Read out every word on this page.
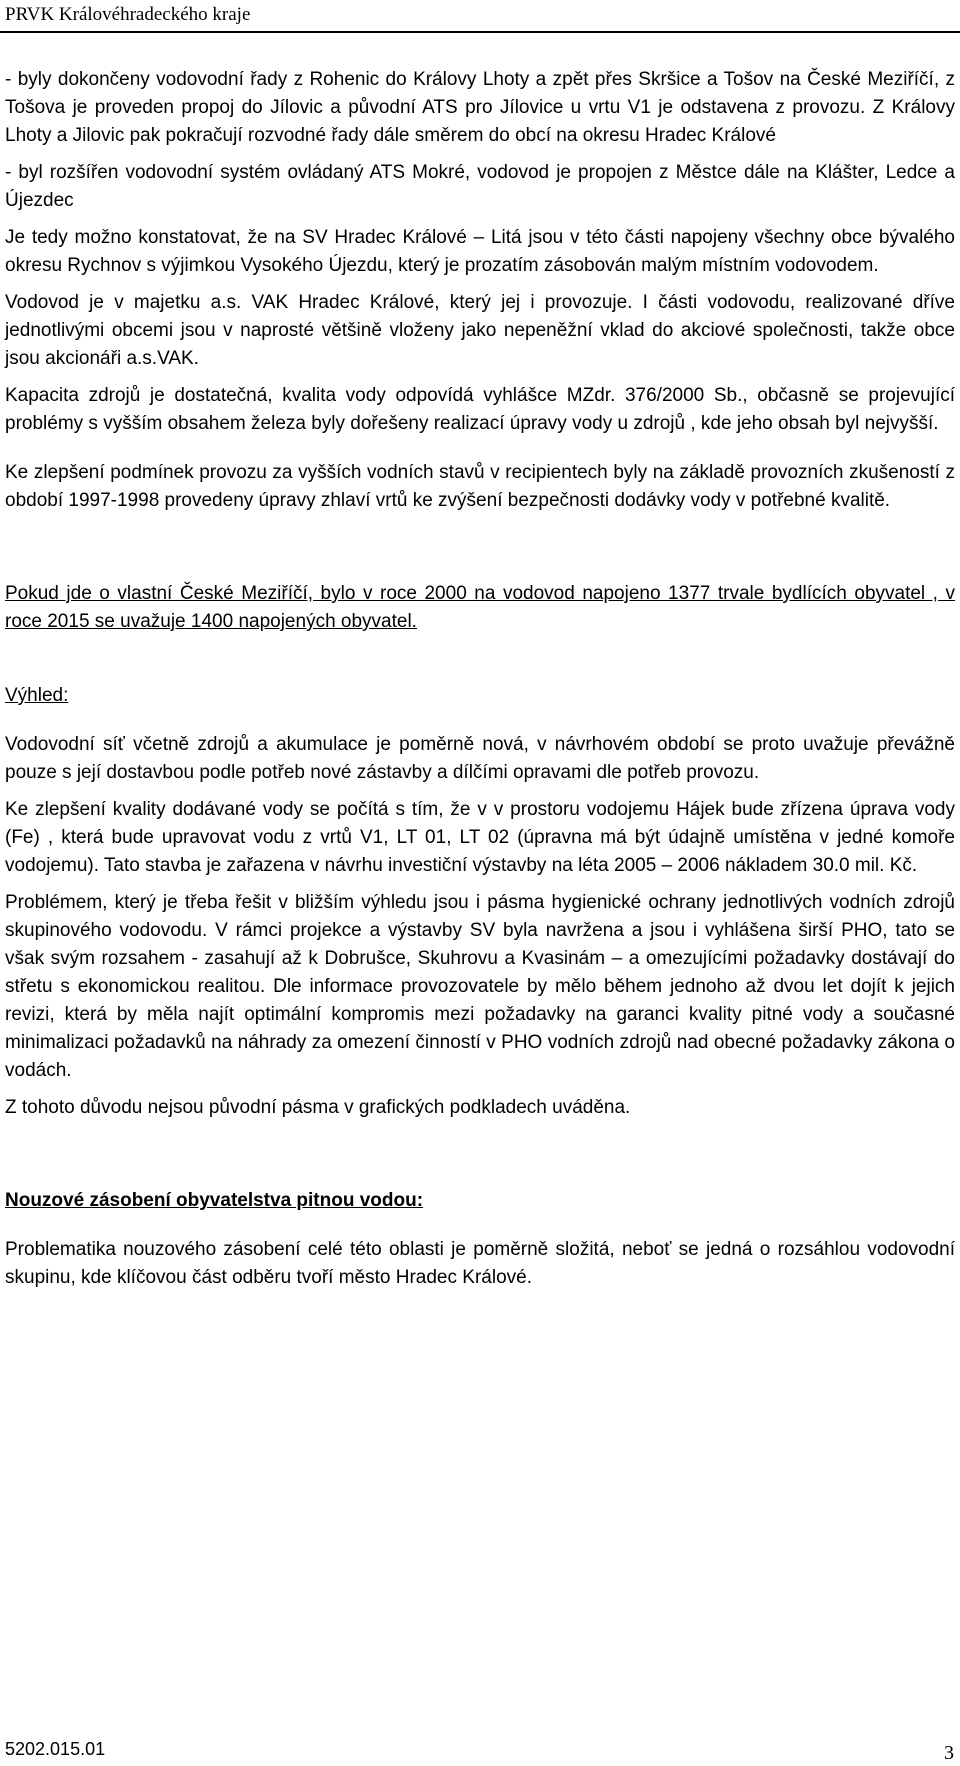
PRVK Královéhradeckého kraje

- byly dokončeny vodovodní řady z Rohenic do Královy Lhoty a zpět přes Skršice a Tošov na České Meziříčí, z Tošova je proveden propoj do Jílovic a původní ATS pro Jílovice u vrtu V1 je odstavena z provozu. Z Královy Lhoty a Jilovic pak pokračují rozvodné řady dále směrem do obcí na okresu Hradec Králové

- byl rozšířen vodovodní systém ovládaný ATS Mokré, vodovod je propojen z Městce dále na Klášter, Ledce a Újezdec

Je tedy možno konstatovat, že na SV Hradec Králové – Litá jsou v této části napojeny všechny obce bývalého okresu Rychnov s výjimkou Vysokého Újezdu, který je prozatím zásobován malým místním vodovodem.

Vodovod je v majetku a.s. VAK Hradec Králové, který jej i provozuje. I části vodovodu, realizované dříve jednotlivými obcemi jsou v naprosté většině vloženy jako nepeněžní vklad do akciové společnosti, takže obce jsou akcionáři a.s.VAK.

Kapacita zdrojů je dostatečná, kvalita vody odpovídá vyhlášce MZdr. 376/2000 Sb., občasně se projevující problémy s vyšším obsahem železa byly dořešeny realizací úpravy vody u zdrojů , kde jeho obsah byl nejvyšší.

Ke zlepšení podmínek provozu za vyšších vodních stavů v recipientech byly na základě provozních zkušeností z období 1997-1998 provedeny úpravy zhlaví vrtů ke zvýšení bezpečnosti dodávky vody v potřebné kvalitě.

Pokud jde o vlastní České Meziříčí, bylo v roce 2000 na vodovod napojeno 1377 trvale bydlících obyvatel , v roce 2015 se uvažuje 1400 napojených obyvatel.

Výhled:

Vodovodní síť včetně zdrojů a akumulace je poměrně nová, v návrhovém období se proto uvažuje převážně pouze s její dostavbou podle potřeb nové zástavby a dílčími opravami dle potřeb provozu.

Ke zlepšení kvality dodávané vody se počítá s tím, že v v prostoru vodojemu Hájek bude zřízena úprava vody (Fe) , která bude upravovat vodu z vrtů V1, LT 01, LT 02 (úpravna má být údajně umístěna v jedné komoře vodojemu). Tato stavba je zařazena v návrhu investiční výstavby na léta 2005 – 2006 nákladem 30.0 mil. Kč.

Problémem, který je třeba řešit v bližším výhledu jsou i pásma hygienické ochrany jednotlivých vodních zdrojů skupinového vodovodu. V rámci projekce a výstavby SV byla navržena a jsou i vyhlášena širší PHO, tato se však svým rozsahem - zasahují až k Dobrušce, Skuhrovu a Kvasinám – a omezujícími požadavky dostávají do střetu s ekonomickou realitou. Dle informace provozovatele by mělo během jednoho až dvou let dojít k jejich revizi, která by měla najít optimální kompromis mezi požadavky na garanci kvality pitné vody a současné minimalizaci požadavků na náhrady za omezení činností v PHO vodních zdrojů nad obecné požadavky zákona o vodách.

Z tohoto důvodu nejsou původní pásma v grafických podkladech uváděna.

Nouzové zásobení obyvatelstva pitnou vodou:

Problematika nouzového zásobení celé této oblasti je poměrně složitá, neboť se jedná o rozsáhlou vodovodní skupinu, kde klíčovou část odběru tvoří město Hradec Králové.

5202.015.01	3
